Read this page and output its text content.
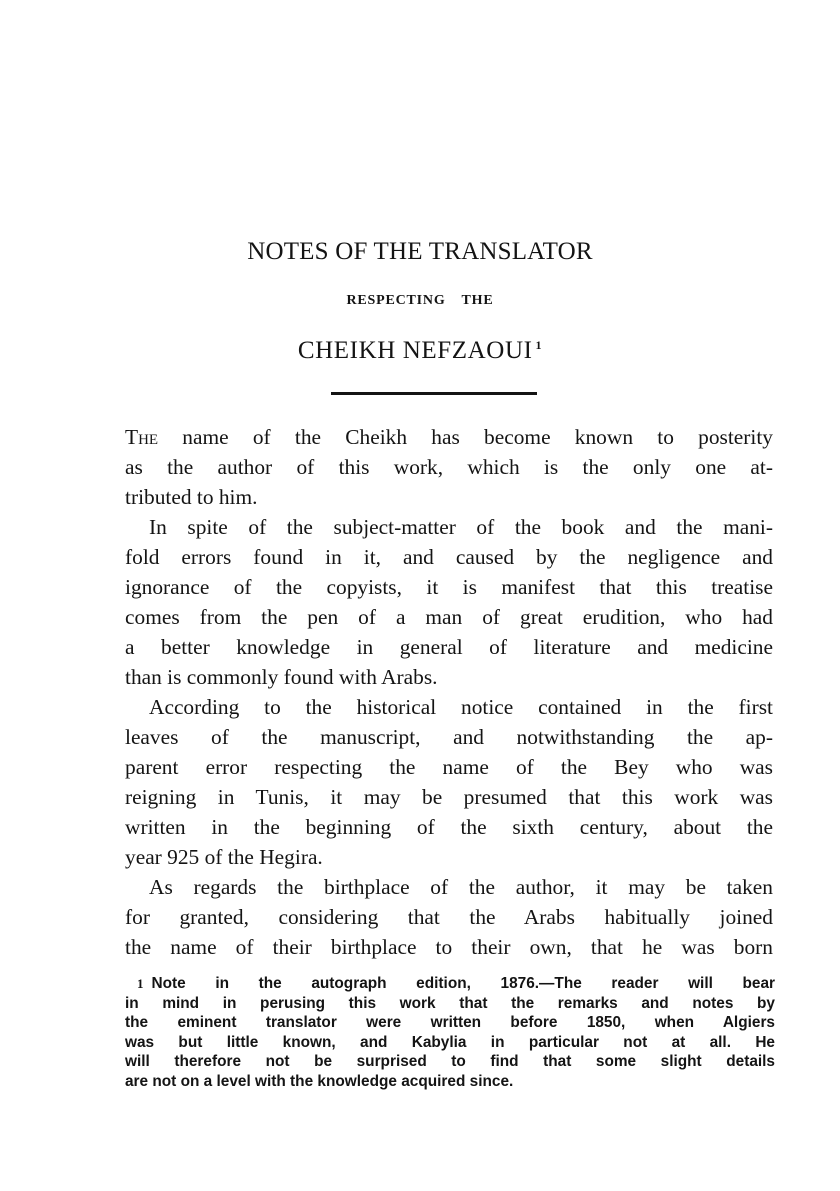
NOTES OF THE TRANSLATOR
RESPECTING THE
CHEIKH NEFZAOUI $^1$
The name of the Cheikh has become known to posterity
as the author of this work, which is the only one at-
tributed to him.
In spite of the subject-matter of the book and the mani-
fold errors found in it, and caused by the negligence and
ignorance of the copyists, it is manifest that this treatise
comes from the pen of a man of great erudition, who had
a better knowledge in general of literature and medicine
than is commonly found with Arabs.
According to the historical notice contained in the first
leaves of the manuscript, and notwithstanding the ap-
parent error respecting the name of the Bey who was
reigning in Tunis, it may be presumed that this work was
written in the beginning of the sixth century, about the
year 925 of the Hegira.
As regards the birthplace of the author, it may be taken
for granted, considering that the Arabs habitually joined
the name of their birthplace to their own, that he was born
1 Note in the autograph edition, 1876.—The reader will bear
in mind in perusing this work that the remarks and notes by
the eminent translator were written before 1850, when Algiers
was but little known, and Kabylia in particular not at all. He
will therefore not be surprised to find that some slight details
are not on a level with the knowledge acquired since.
